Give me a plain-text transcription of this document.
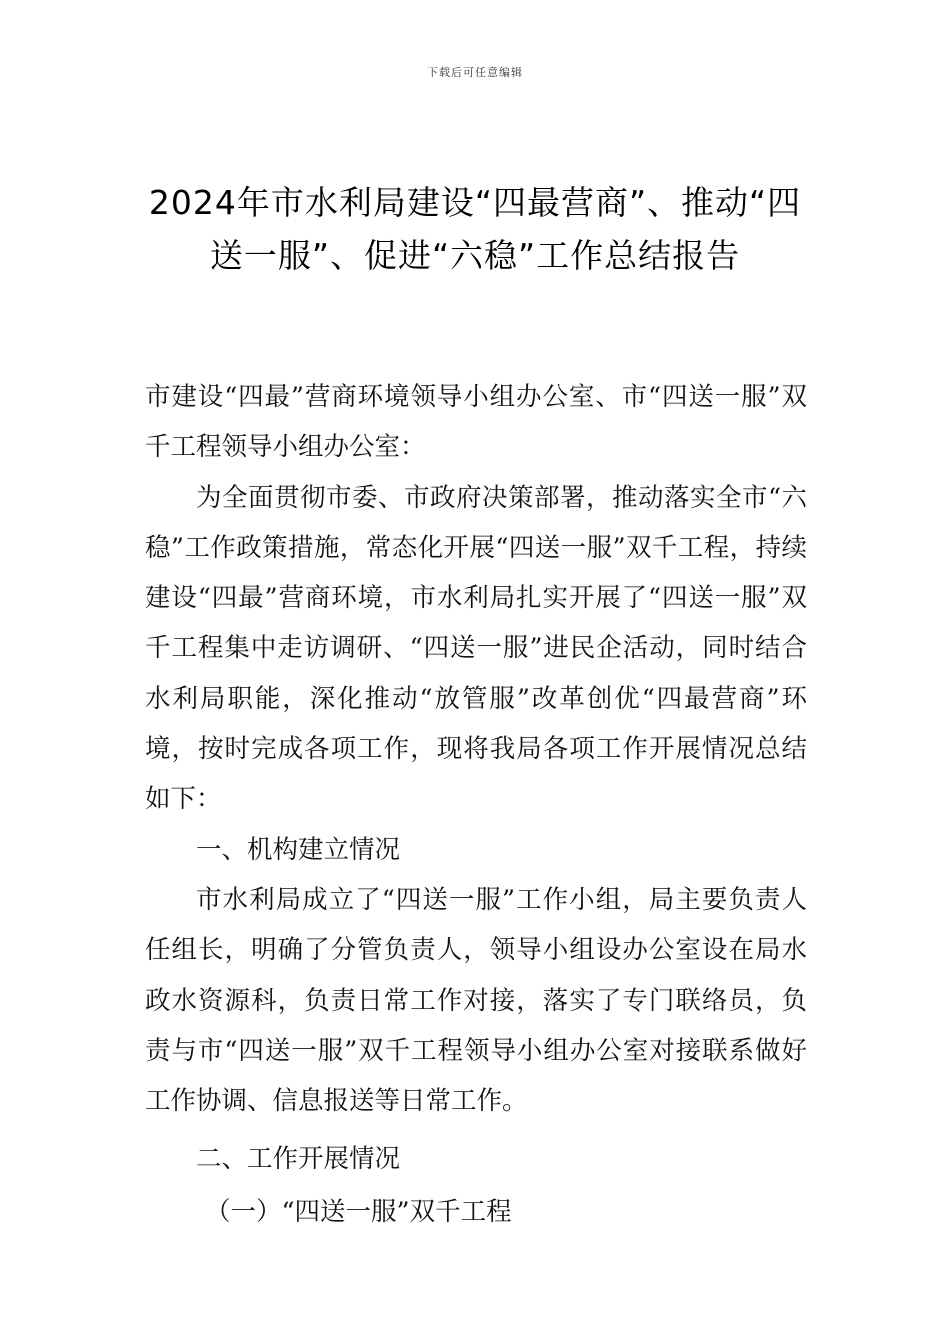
下载后可任意编辑
2024年市水利局建设“四最营商”、推动“四送一服”、促进“六稳”工作总结报告

市建设“四最”营商环境领导小组办公室、市“四送一服”双千工程领导小组办公室：

为全面贯彻市委、市政府决策部署，推动落实全市“六稳”工作政策措施，常态化开展“四送一服”双千工程，持续建设“四最”营商环境，市水利局扎实开展了“四送一服”双千工程集中走访调研、“四送一服”进民企活动，同时结合水利局职能，深化推动“放管服”改革创优“四最营商”环境，按时完成各项工作，现将我局各项工作开展情况总结如下：

一、机构建立情况

市水利局成立了“四送一服”工作小组，局主要负责人任组长，明确了分管负责人，领导小组设办公室设在局水政水资源科，负责日常工作对接，落实了专门联络员，负责与市“四送一服”双千工程领导小组办公室对接联系做好工作协调、信息报送等日常工作。

二、工作开展情况

（一）“四送一服”双千工程
